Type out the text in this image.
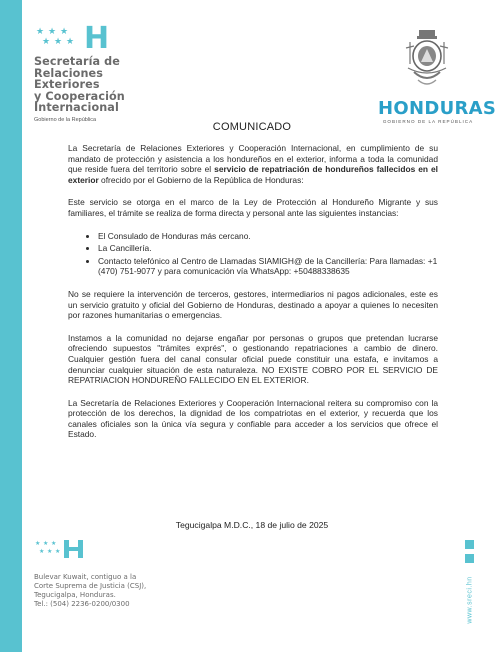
★ ★ ★
★ ★ ★ H
Secretaría de
Relaciones
Exteriores
y Cooperación
Internacional
Gobierno de la República
HONDURAS
GOBIERNO DE LA REPÚBLICA
COMUNICADO

La Secretaría de Relaciones Exteriores y Cooperación Internacional, en cumplimiento de su mandato de protección y asistencia a los hondureños en el exterior, informa a toda la comunidad que reside fuera del territorio sobre el servicio de repatriación de hondureños fallecidos en el exterior ofrecido por el Gobierno de la República de Honduras:

Este servicio se otorga en el marco de la Ley de Protección al Hondureño Migrante y sus familiares, el trámite se realiza de forma directa y personal ante las siguientes instancias:

• El Consulado de Honduras más cercano.
• La Cancillería.
• Contacto telefónico al Centro de Llamadas SIAMIGH@ de la Cancillería: Para llamadas: +1 (470) 751-9077 y para comunicación vía WhatsApp: +50488338635

No se requiere la intervención de terceros, gestores, intermediarios ni pagos adicionales, este es un servicio gratuito y oficial del Gobierno de Honduras, destinado a apoyar a quienes lo necesiten por razones humanitarias o emergencias.

Instamos a la comunidad no dejarse engañar por personas o grupos que pretendan lucrarse ofreciendo supuestos "trámites exprés", o gestionando repatriaciones a cambio de dinero. Cualquier gestión fuera del canal consular oficial puede constituir una estafa, e invitamos a denunciar cualquier situación de esta naturaleza. NO EXISTE COBRO POR EL SERVICIO DE REPATRIACION HONDUREÑO FALLECIDO EN EL EXTERIOR.

La Secretaría de Relaciones Exteriores y Cooperación Internacional reitera su compromiso con la protección de los derechos, la dignidad de los compatriotas en el exterior, y recuerda que los canales oficiales son la única vía segura y confiable para acceder a los servicios que ofrece el Estado.

Tegucigalpa M.D.C., 18 de julio de 2025
★ ★ ★
★ ★ ★
Bulevar Kuwait, contiguo a la
Corte Suprema de Justicia (CSJ),
Tegucigalpa, Honduras.
Tel.: (504) 2236-0200/0300	www.sreci.hn
